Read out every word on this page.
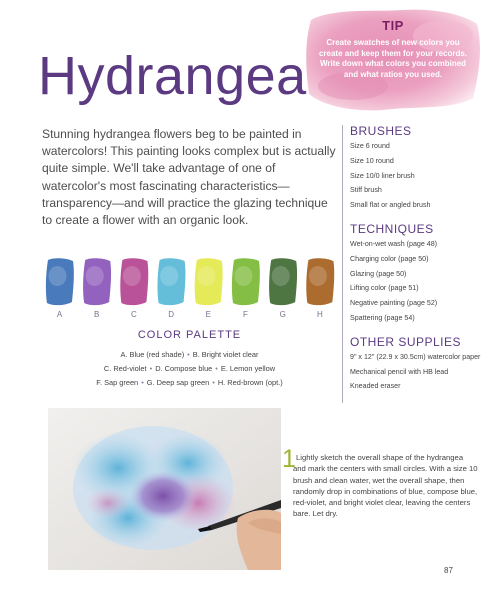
TIP
Create swatches of new colors you create and keep them for your records. Write down what colors you combined and what ratios you used.
Hydrangea
Stunning hydrangea flowers beg to be painted in watercolors! This painting looks complex but is actually quite simple. We'll take advantage of one of watercolor's most fascinating characteristics—transparency—and will practice the glazing technique to create a flower with an organic look.
BRUSHES
Size 6 round
Size 10 round
Size 10/0 liner brush
Stiff brush
Small flat or angled brush
TECHNIQUES
Wet-on-wet wash (page 48)
Charging color (page 50)
Glazing (page 50)
Lifting color (page 51)
Negative painting (page 52)
Spattering (page 54)
OTHER SUPPLIES
9" x 12" (22.9 x 30.5cm) watercolor paper
Mechanical pencil with HB lead
Kneaded eraser
A	B	C	D	E	F	G	H
COLOR PALETTE
A. Blue (red shade) • B. Bright violet clear
C. Red-violet • D. Compose blue • E. Lemon yellow
F. Sap green • G. Deep sap green • H. Red-brown (opt.)
1 Lightly sketch the overall shape of the hydrangea and mark the centers with small circles. With a size 10 brush and clean water, wet the overall shape, then randomly drop in combinations of blue, compose blue, red-violet, and bright violet clear, leaving the centers bare. Let dry.
87
